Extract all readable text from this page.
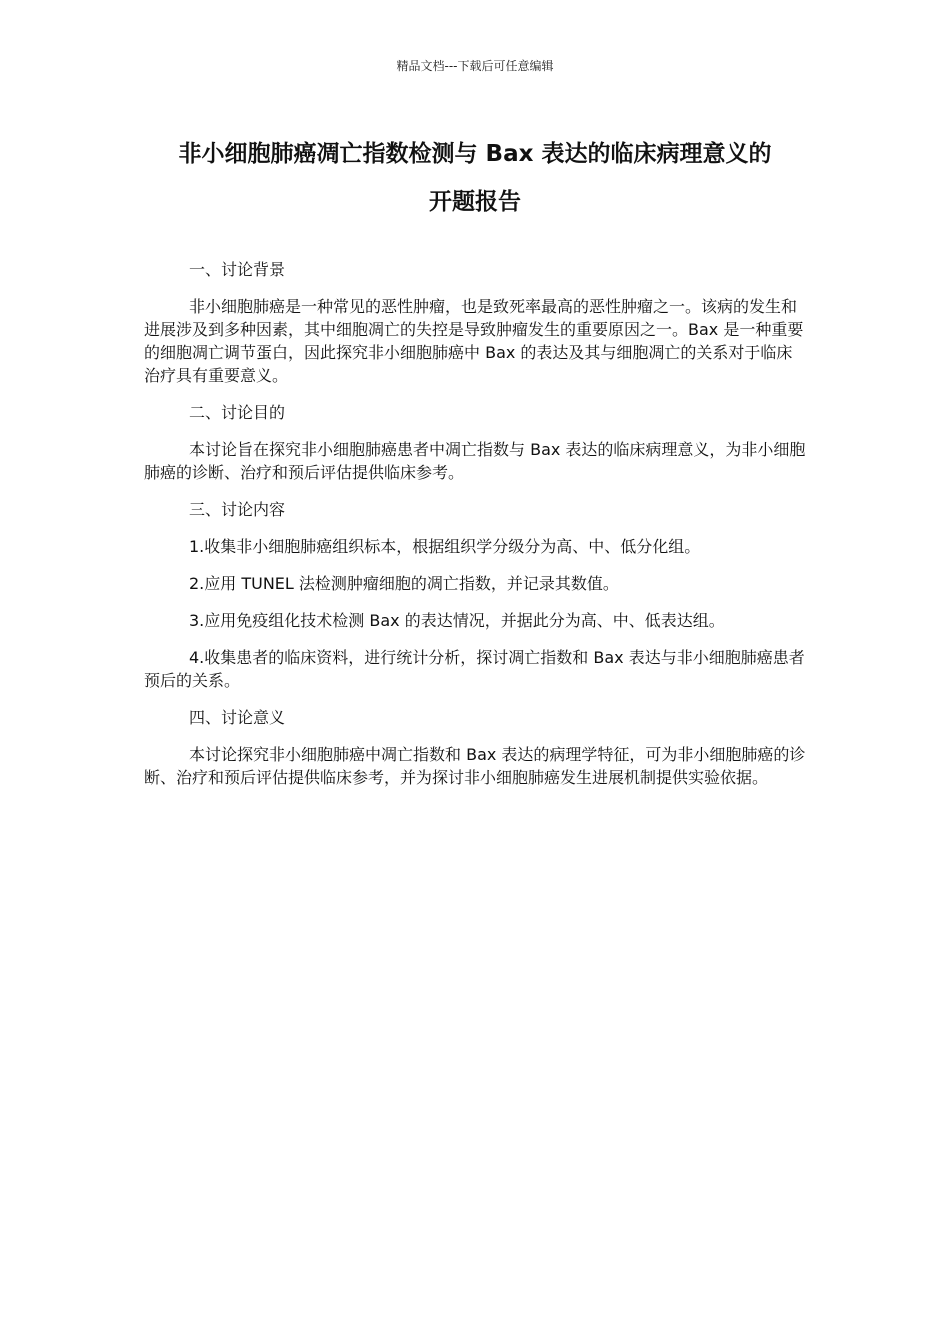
精品文档---下载后可任意编辑
非小细胞肺癌凋亡指数检测与 Bax 表达的临床病理意义的
开题报告

一、讨论背景

非小细胞肺癌是一种常见的恶性肿瘤，也是致死率最高的恶性肿瘤之一。该病的发生和进展涉及到多种因素，其中细胞凋亡的失控是导致肿瘤发生的重要原因之一。Bax 是一种重要的细胞凋亡调节蛋白，因此探究非小细胞肺癌中 Bax 的表达及其与细胞凋亡的关系对于临床治疗具有重要意义。

二、讨论目的

本讨论旨在探究非小细胞肺癌患者中凋亡指数与 Bax 表达的临床病理意义，为非小细胞肺癌的诊断、治疗和预后评估提供临床参考。

三、讨论内容

1.收集非小细胞肺癌组织标本，根据组织学分级分为高、中、低分化组。

2.应用 TUNEL 法检测肿瘤细胞的凋亡指数，并记录其数值。

3.应用免疫组化技术检测 Bax 的表达情况，并据此分为高、中、低表达组。

4.收集患者的临床资料，进行统计分析，探讨凋亡指数和 Bax 表达与非小细胞肺癌患者预后的关系。

四、讨论意义

本讨论探究非小细胞肺癌中凋亡指数和 Bax 表达的病理学特征，可为非小细胞肺癌的诊断、治疗和预后评估提供临床参考，并为探讨非小细胞肺癌发生进展机制提供实验依据。
